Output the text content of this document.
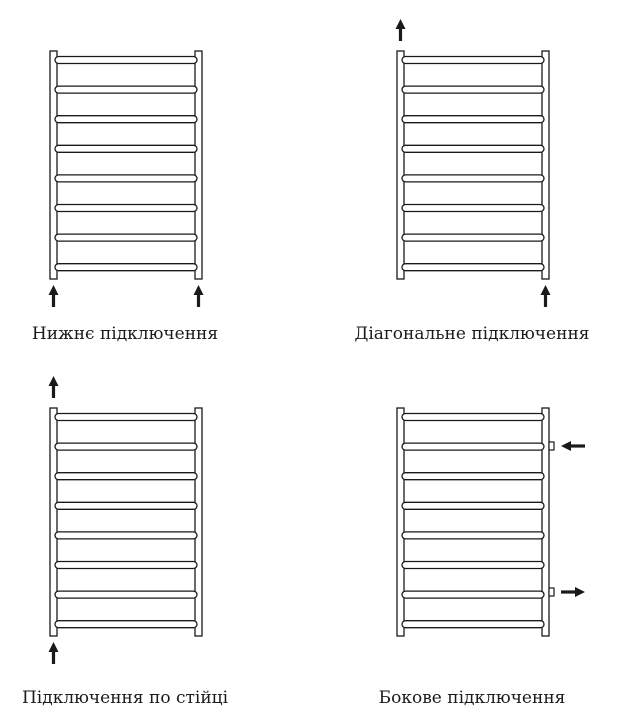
Нижнє підключення	Діагональне підключення
Підключення по стійці	Бокове підключення
